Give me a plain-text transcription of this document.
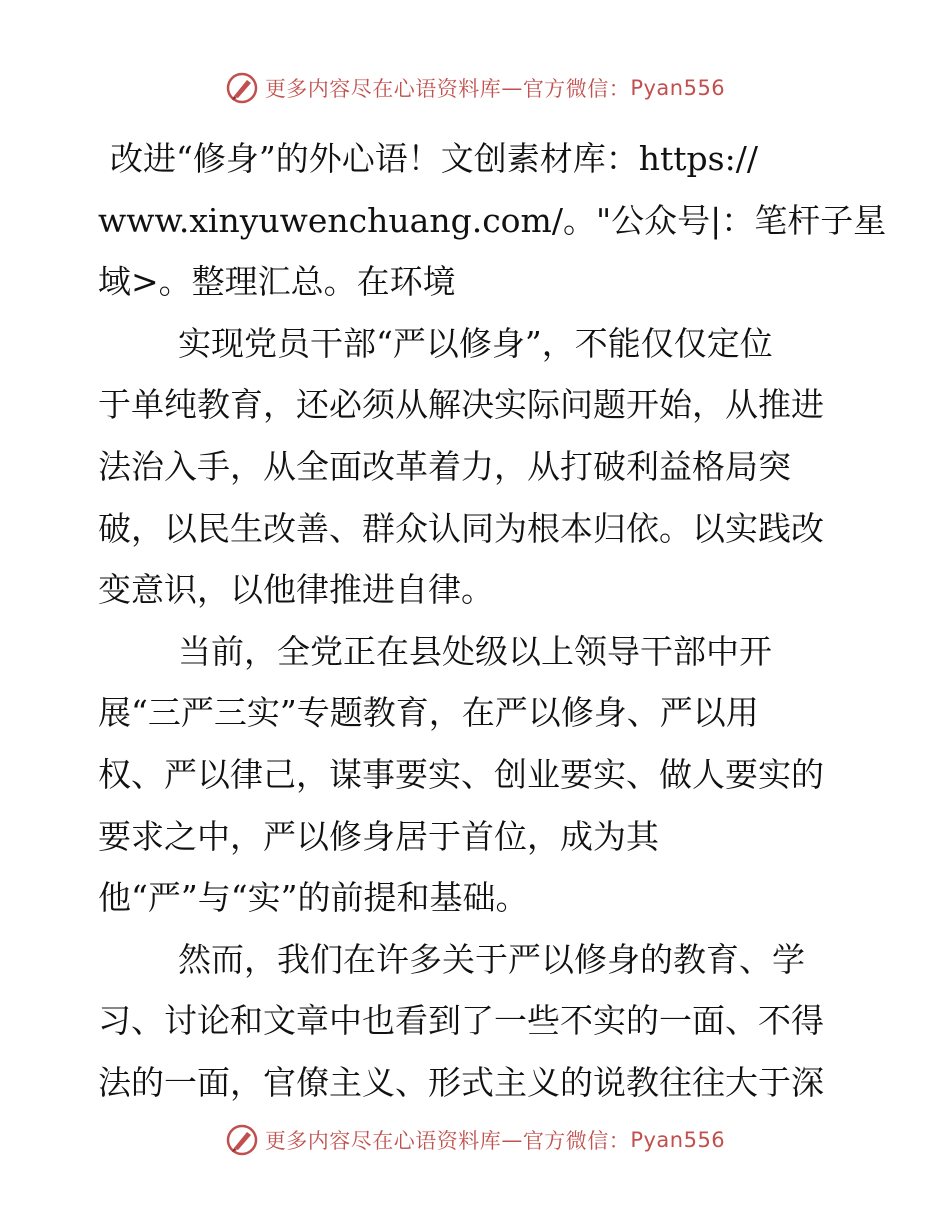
更多内容尽在心语资料库 — 官方微信： Pyan556
改进“修身”的外心语！文创素材库：https://
www.xinyuwenchuang.com/。"公众号|：笔杆子星
域>。整理汇总。在环境
实现党员干部“严以修身”，不能仅仅定位
于单纯教育，还必须从解决实际问题开始，从推进
法治入手，从全面改革着力，从打破利益格局突
破，以民生改善、群众认同为根本归依。以实践改
变意识，以他律推进自律。
当前，全党正在县处级以上领导干部中开
展“三严三实”专题教育，在严以修身、严以用
权、严以律己，谋事要实、创业要实、做人要实的
要求之中，严以修身居于首位，成为其
他“严”与“实”的前提和基础。
然而，我们在许多关于严以修身的教育、学
习、讨论和文章中也看到了一些不实的一面、不得
法的一面，官僚主义、形式主义的说教往往大于深
更多内容尽在心语资料库 — 官方微信： Pyan556
